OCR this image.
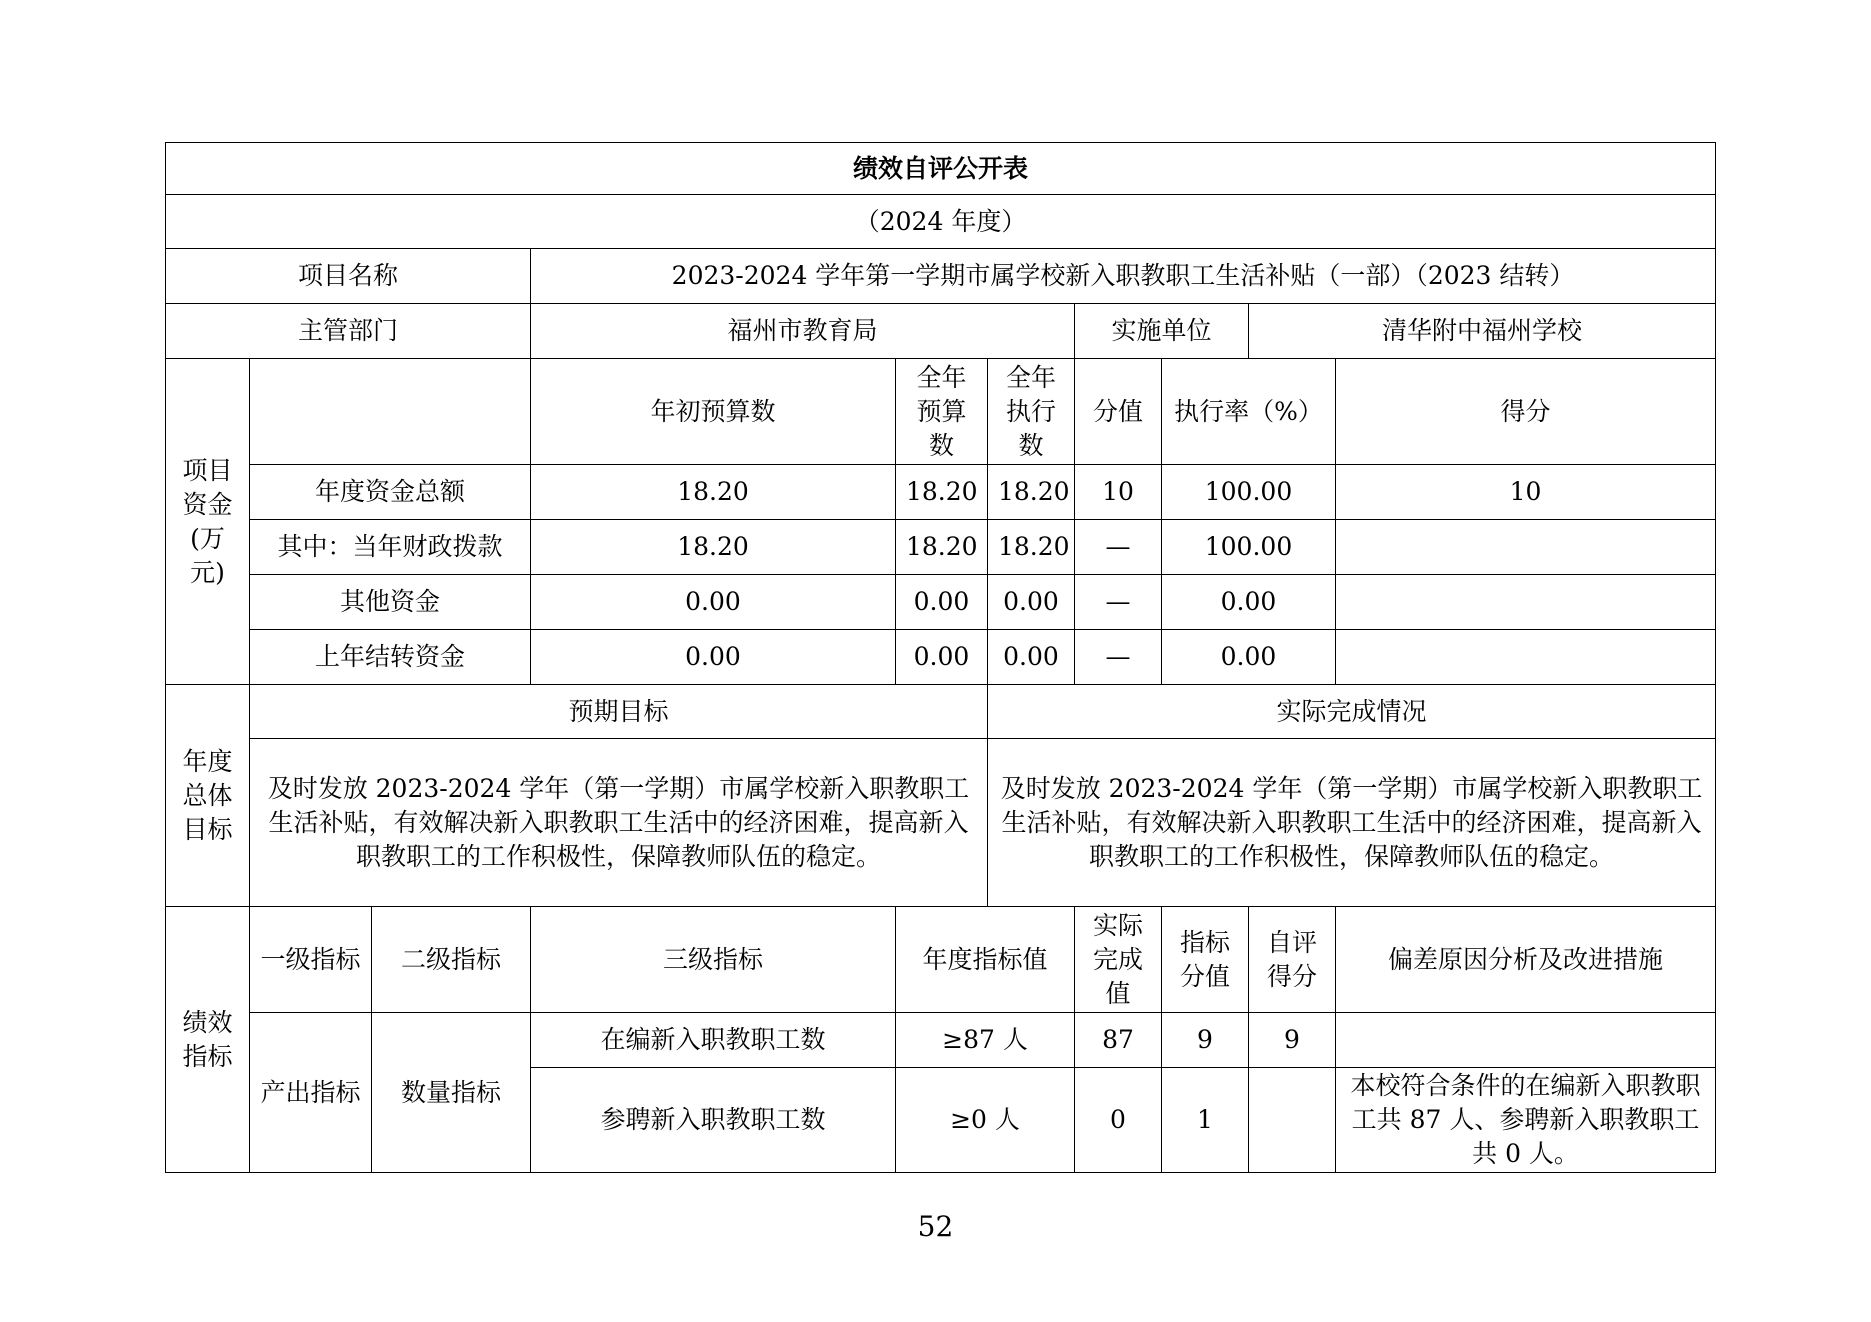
绩效自评公开表									
（2024 年度）									
项目名称			2023-2024 学年第一学期市属学校新入职教职工生活补贴（一部）（2023 结转）						
主管部门			福州市教育局			实施单位		清华附中福州学校	
项目资金(万元)			年初预算数	全年预算数	全年执行数	分值	执行率（%）		得分
	年度资金总额		18.20	18.20	18.20	10	100.00		10
	其中：当年财政拨款		18.20	18.20	18.20	—	100.00		
	其他资金		0.00	0.00	0.00	—	0.00		
	上年结转资金		0.00	0.00	0.00	—	0.00		
年度总体目标	预期目标				实际完成情况				
	及时发放 2023-2024 学年（第一学期）市属学校新入职教职工生活补贴，有效解决新入职教职工生活中的经济困难，提高新入职教职工的工作积极性，保障教师队伍的稳定。				及时发放 2023-2024 学年（第一学期）市属学校新入职教职工生活补贴，有效解决新入职教职工生活中的经济困难，提高新入职教职工的工作积极性，保障教师队伍的稳定。				
绩效指标	一级指标	二级指标	三级指标	年度指标值		实际完成值	指标分值	自评得分	偏差原因分析及改进措施
	产出指标	数量指标	在编新入职教职工数	≥87 人		87	9	9	
			参聘新入职教职工数	≥0 人		0	1		本校符合条件的在编新入职教职工共 87 人、参聘新入职教职工共 0 人。
52
